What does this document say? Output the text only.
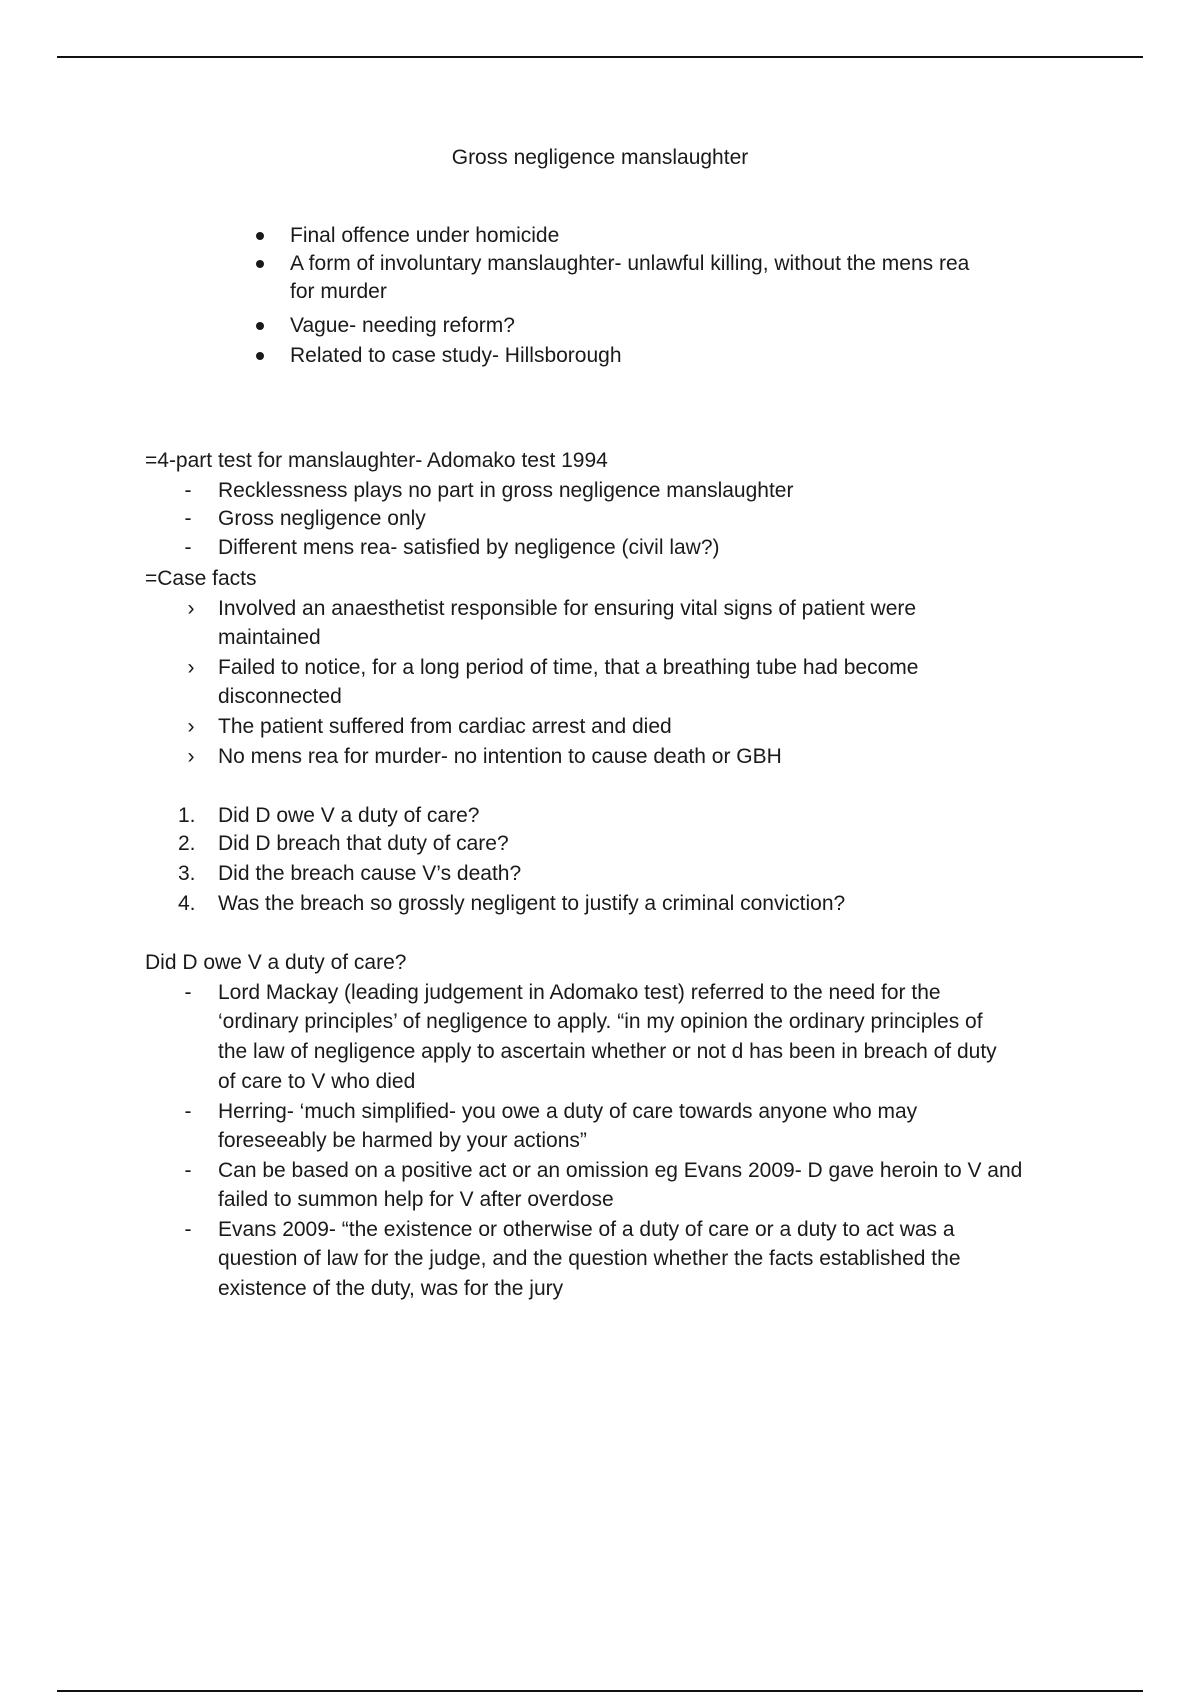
Gross negligence manslaughter
Final offence under homicide
A form of involuntary manslaughter- unlawful killing, without the mens rea
for murder
Vague- needing reform?
Related to case study- Hillsborough
=4-part test for manslaughter- Adomako test 1994
-	Recklessness plays no part in gross negligence manslaughter
-	Gross negligence only
-	Different mens rea- satisfied by negligence (civil law?)
=Case facts
›	Involved an anaesthetist responsible for ensuring vital signs of patient were
maintained
›	Failed to notice, for a long period of time, that a breathing tube had become
disconnected
›	The patient suffered from cardiac arrest and died
›	No mens rea for murder- no intention to cause death or GBH
1. Did D owe V a duty of care?
2. Did D breach that duty of care?
3. Did the breach cause V’s death?
4. Was the breach so grossly negligent to justify a criminal conviction?
Did D owe V a duty of care?
-	Lord Mackay (leading judgement in Adomako test) referred to the need for the
‘ordinary principles’ of negligence to apply. “in my opinion the ordinary principles of
the law of negligence apply to ascertain whether or not d has been in breach of duty
of care to V who died
-	Herring- ‘much simplified- you owe a duty of care towards anyone who may
foreseeably be harmed by your actions”
-	Can be based on a positive act or an omission eg Evans 2009- D gave heroin to V and
failed to summon help for V after overdose
-	Evans 2009- “the existence or otherwise of a duty of care or a duty to act was a
question of law for the judge, and the question whether the facts established the
existence of the duty, was for the jury
